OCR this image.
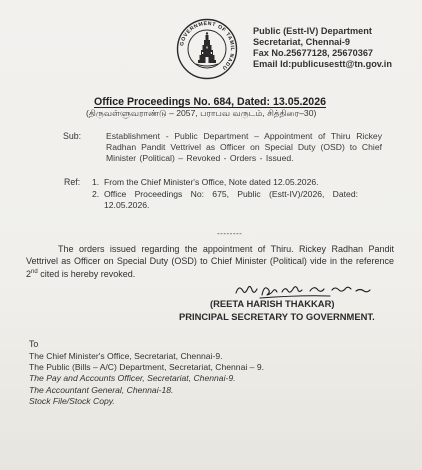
GOVERNMENT OF TAMIL NADU
Public (Estt-IV) Department
Secretariat, Chennai-9
Fax No.25677128, 25670367
Email Id:publicusestt@tn.gov.in
Office Proceedings No. 684, Dated: 13.05.2026
(திருவள்ளுவராண்டு – 2057, பராபவ வருடம், சித்திரை–30)
Sub:	Establishment - Public Department – Appointment of Thiru Rickey Radhan Pandit Vettrivel as Officer on Special Duty (OSD) to Chief Minister (Political) – Revoked - Orders - Issued.
Ref: 1. From the Chief Minister's Office, Note dated 12.05.2026.
2. Office Proceedings No: 675, Public (Estt-IV)/2026, Dated: 12.05.2026.
--------
The orders issued regarding the appointment of Thiru. Rickey Radhan Pandit Vettrivel as Officer on Special Duty (OSD) to Chief Minister (Political) vide in the reference 2nd cited is hereby revoked.
(REETA HARISH THAKKAR)
PRINCIPAL SECRETARY TO GOVERNMENT.
To
The Chief Minister's Office, Secretariat, Chennai-9.
The Public (Bills – A/C) Department, Secretariat, Chennai – 9.
The Pay and Accounts Officer, Secretariat, Chennai-9.
The Accountant General, Chennai-18.
Stock File/Stock Copy.
